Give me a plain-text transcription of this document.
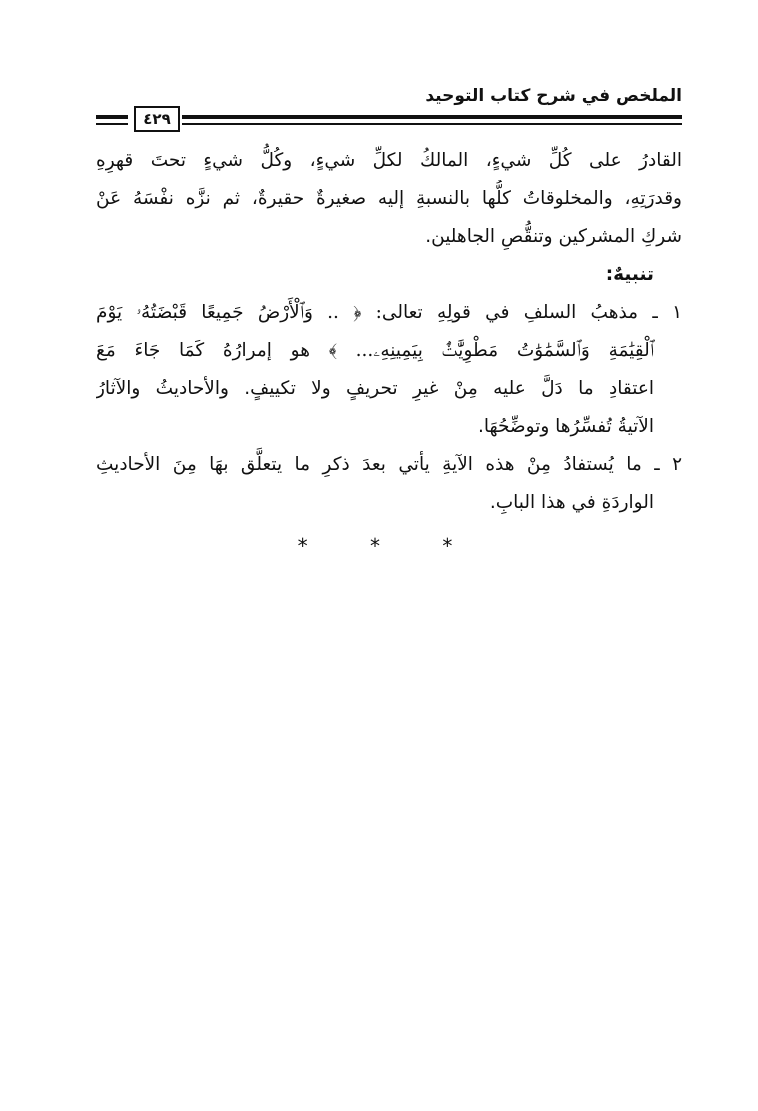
الملخص في شرح كتاب التوحيد
٤٢٩
القادرُ على كُلِّ شيءٍ، المالكُ لكلِّ شيءٍ، وكُلُّ شيءٍ تحتَ قهرِهِ
وقدرَتِهِ، والمخلوقاتُ كلُّها بالنسبةِ إليه صغيرةٌ حقيرةٌ، ثم نزَّه نفْسَهُ عَنْ
شركِ المشركين وتنقُّصِ الجاهلين.
تنبيهٌ:
١ ـ مذهبُ السلفِ في قولِهِ تعالى: ﴿ .. وَٱلْأَرْضُ جَمِيعًا قَبْضَتُهُۥ يَوْمَ
ٱلْقِيَٰمَةِ وَٱلسَّمَٰوَٰتُ مَطْوِيَّٰتٌۢ بِيَمِينِهِۦ... ﴾ هو إمرارُهُ كَمَا جَاءَ مَعَ
اعتقادِ ما دَلَّ عليه مِنْ غيرِ تحريفٍ ولا تكييفٍ. والأحاديثُ والآثارُ
الآتيةُ تُفسِّرُها وتوضِّحُهَا.
٢ ـ ما يُستفادُ مِنْ هذه الآيةِ يأتي بعدَ ذكرِ ما يتعلَّق بهَا مِنَ الأحاديثِ
الواردَةِ في هذا البابِ.
* * *
